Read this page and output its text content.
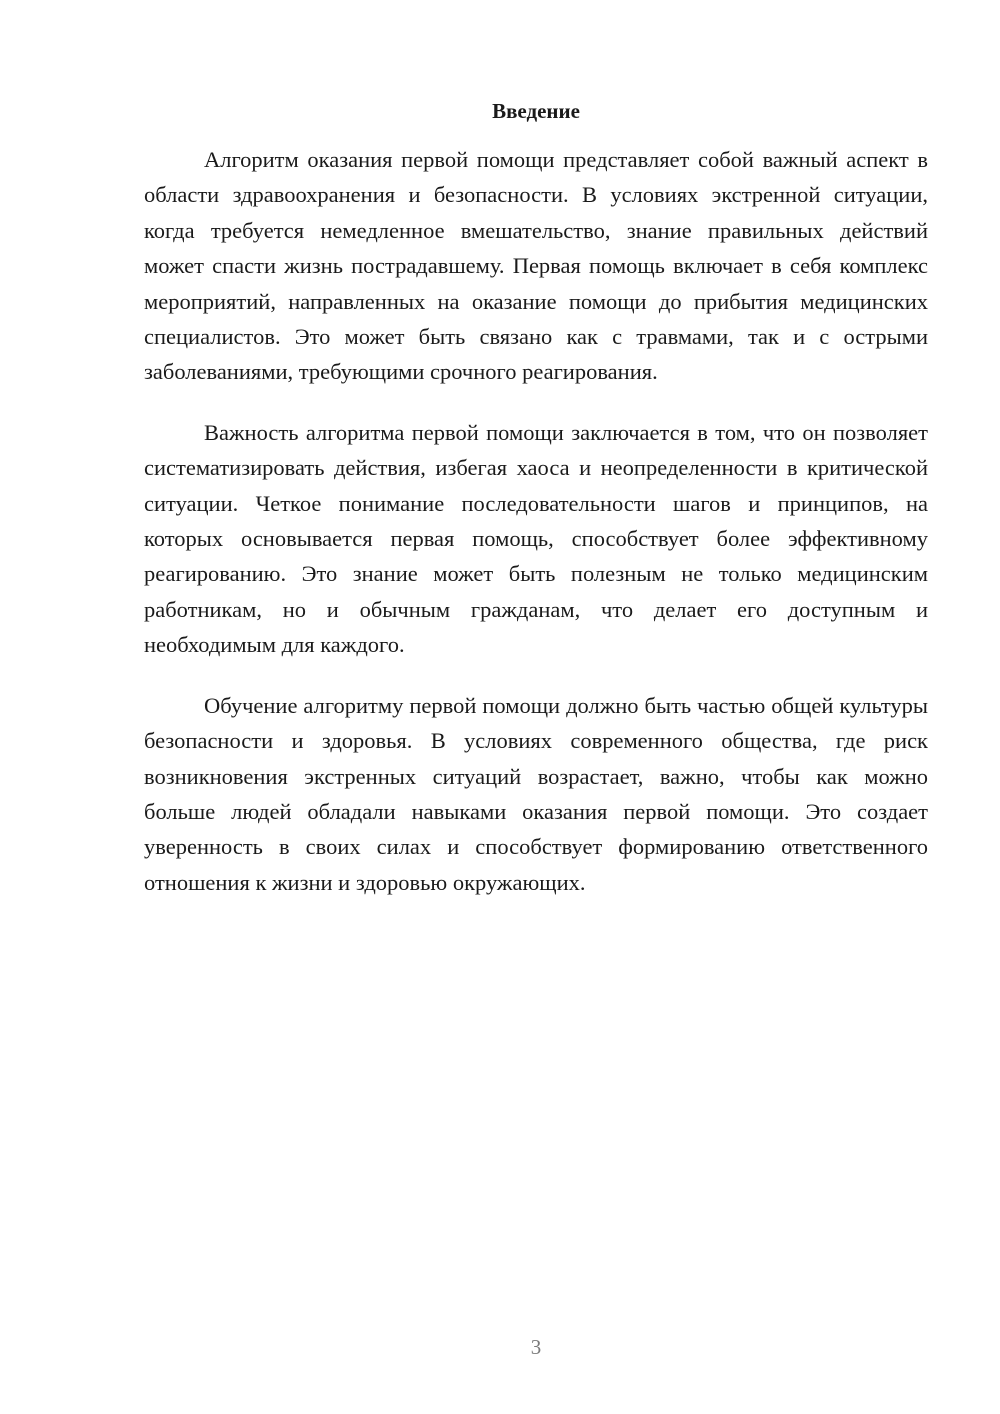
Введение

Алгоритм оказания первой помощи представляет собой важный аспект в области здравоохранения и безопасности. В условиях экстренной ситуации, когда требуется немедленное вмешательство, знание правильных действий может спасти жизнь пострадавшему. Первая помощь включает в себя комплекс мероприятий, направленных на оказание помощи до прибытия медицинских специалистов. Это может быть связано как с травмами, так и с острыми заболеваниями, требующими срочного реагирования.

Важность алгоритма первой помощи заключается в том, что он позволяет систематизировать действия, избегая хаоса и неопределенности в критической ситуации. Четкое понимание последовательности шагов и принципов, на которых основывается первая помощь, способствует более эффективному реагированию. Это знание может быть полезным не только медицинским работникам, но и обычным гражданам, что делает его доступным и необходимым для каждого.

Обучение алгоритму первой помощи должно быть частью общей культуры безопасности и здоровья. В условиях современного общества, где риск возникновения экстренных ситуаций возрастает, важно, чтобы как можно больше людей обладали навыками оказания первой помощи. Это создает уверенность в своих силах и способствует формированию ответственного отношения к жизни и здоровью окружающих.

3
